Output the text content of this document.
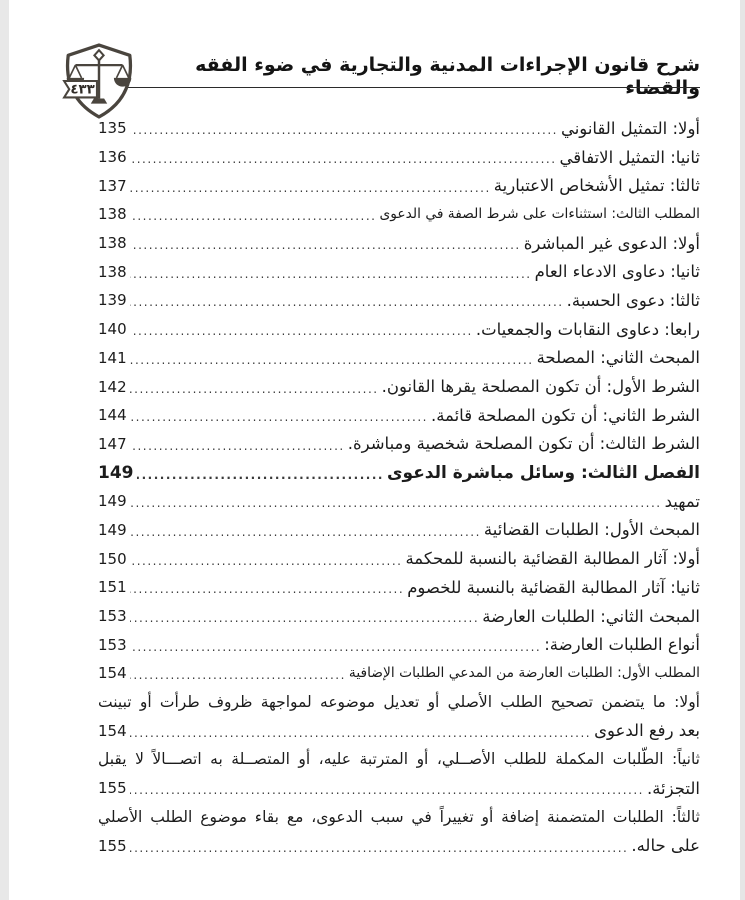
شرح قانون الإجراءات المدنية والتجارية في ضوء الفقه والقضاء
٤٣٣
أولا: التمثيل القانوني
.....
135
ثانيا: التمثيل الاتفاقي
.....
136
ثالثا: تمثيل الأشخاص الاعتبارية
.....
137
المطلب الثالث: استثناءات على شرط الصفة في الدعوى
.....
138
أولا: الدعوى غير المباشرة
.....
138
ثانيا: دعاوى الادعاء العام
.....
138
ثالثا: دعوى الحسبة.
.....
139
رابعا: دعاوى النقابات والجمعيات.
.....
140
المبحث الثاني: المصلحة
.....
141
الشرط الأول: أن تكون المصلحة يقرها القانون.
.....
142
الشرط الثاني: أن تكون المصلحة قائمة.
.....
144
الشرط الثالث: أن تكون المصلحة شخصية ومباشرة.
.....
147
الفصل الثالث: وسائل مباشرة الدعوى
.....
149
تمهيد
.....
149
المبحث الأول: الطلبات القضائية
.....
149
أولا: آثار المطالبة القضائية بالنسبة للمحكمة
.....
150
ثانيا: آثار المطالبة القضائية بالنسبة للخصوم
.....
151
المبحث الثاني: الطلبات العارضة
.....
153
أنواع الطلبات العارضة:
.....
153
المطلب الأول: الطلبات العارضة من المدعي الطلبات الإضافية
.....
154
أولا: ما يتضمن تصحيح الطلب الأصلي أو تعديل موضوعه لمواجهة ظروف طرأت أو تبينت
بعد رفع الدعوى
.....
154
ثانياً: الطّلبات المكملة للطلب الأصــلي، أو المترتبة عليه، أو المتصــلة به اتصـــالاً لا يقبل
التجزئة.
.....
155
ثالثاً: الطلبات المتضمنة إضافة أو تغييراً في سبب الدعوى، مع بقاء موضوع الطلب الأصلي
على حاله.
.....
155
